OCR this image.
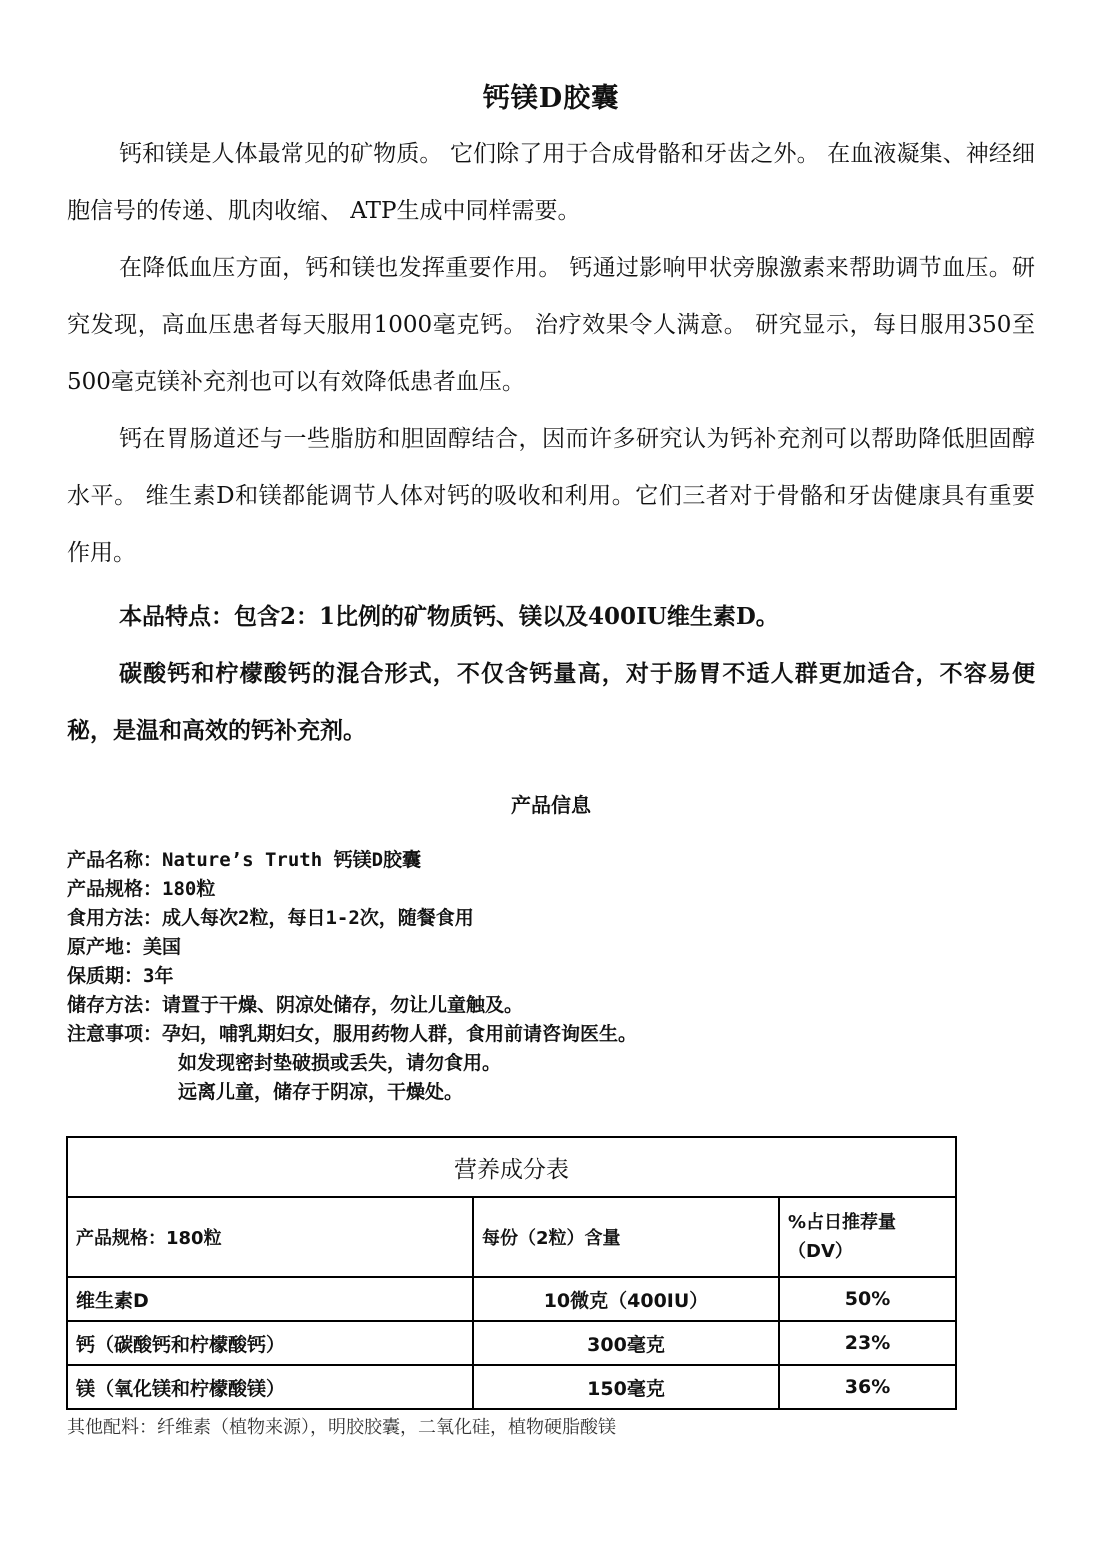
钙镁D胶囊

钙和镁是人体最常见的矿物质。 它们除了用于合成骨骼和牙齿之外。 在血液凝集、神经细胞信号的传递、肌肉收缩、 ATP生成中同样需要。

在降低血压方面，钙和镁也发挥重要作用。 钙通过影响甲状旁腺激素来帮助调节血压。研究发现，高血压患者每天服用1000毫克钙。 治疗效果令人满意。 研究显示，每日服用350至500毫克镁补充剂也可以有效降低患者血压。

钙在胃肠道还与一些脂肪和胆固醇结合，因而许多研究认为钙补充剂可以帮助降低胆固醇水平。 维生素D和镁都能调节人体对钙的吸收和利用。它们三者对于骨骼和牙齿健康具有重要作用。

本品特点：包含2：1比例的矿物质钙、镁以及400IU维生素D。

碳酸钙和柠檬酸钙的混合形式，不仅含钙量高，对于肠胃不适人群更加适合，不容易便秘，是温和高效的钙补充剂。

产品信息
产品名称：Nature’s Truth 钙镁D胶囊
产品规格：180粒
食用方法：成人每次2粒，每日1-2次，随餐食用
原产地：美国
保质期：3年
储存方法：请置于干燥、阴凉处储存，勿让儿童触及。
注意事项：孕妇，哺乳期妇女，服用药物人群，食用前请咨询医生。
如发现密封垫破损或丢失，请勿食用。
远离儿童，储存于阴凉，干燥处。
营养成分表		
产品规格：180粒	每份（2粒）含量	%占日推荐量（DV）
维生素D	10微克（400IU）	50%
钙（碳酸钙和柠檬酸钙）	300毫克	23%
镁（氧化镁和柠檬酸镁）	150毫克	36%
其他配料：纤维素（植物来源），明胶胶囊，二氧化硅，植物硬脂酸镁
